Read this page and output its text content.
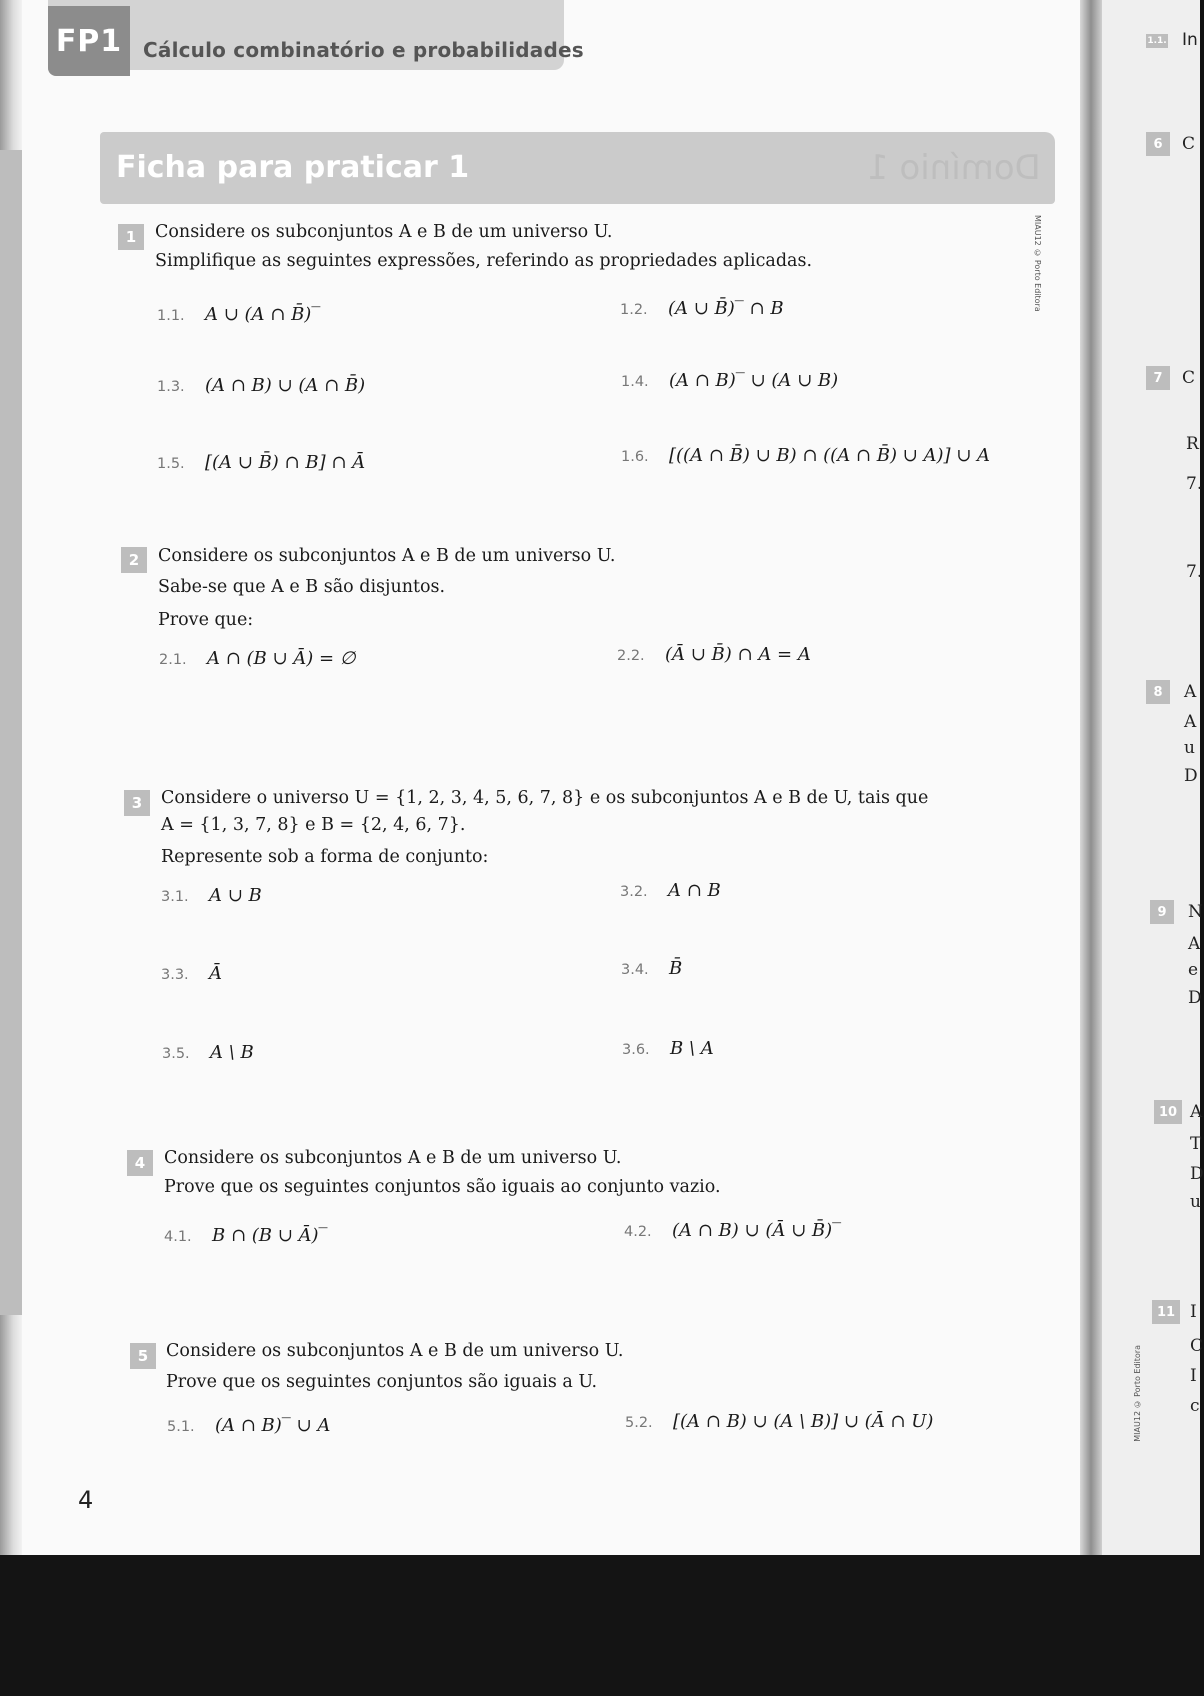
FP1	Cálculo combinatório e probabilidades
Ficha para praticar 1	Domínio 1
MIAU12 © Porto Editora
1	Considere os subconjuntos A e B de um universo U.
Simplifique as seguintes expressões, referindo as propriedades aplicadas.
1.1. A ∪ (A ∩ B̄)‾	1.2. (A ∪ B̄)‾ ∩ B
1.3. (A ∩ B) ∪ (A ∩ B̄)	1.4. (A ∩ B)‾ ∪ (A ∪ B)
1.5. [(A ∪ B̄) ∩ B] ∩ Ā	1.6. [((A ∩ B̄) ∪ B) ∩ ((A ∩ B̄) ∪ A)] ∪ A
2	Considere os subconjuntos A e B de um universo U.
Sabe-se que A e B são disjuntos.
Prove que:
2.1. A ∩ (B ∪ Ā) = ∅	2.2. (Ā ∪ B̄) ∩ A = A
3	Considere o universo U = {1, 2, 3, 4, 5, 6, 7, 8} e os subconjuntos A e B de U, tais que
A = {1, 3, 7, 8} e B = {2, 4, 6, 7}.
Represente sob a forma de conjunto:
3.1. A ∪ B	3.2. A ∩ B
3.3. Ā	3.4. B̄
3.5. A \ B	3.6. B \ A
4	Considere os subconjuntos A e B de um universo U.
Prove que os seguintes conjuntos são iguais ao conjunto vazio.
4.1. B ∩ (B ∪ Ā)‾	4.2. (A ∩ B) ∪ (Ā ∪ B̄)‾
5	Considere os subconjuntos A e B de um universo U.
Prove que os seguintes conjuntos são iguais a U.
5.1. (A ∩ B)‾ ∪ A	5.2. [(A ∩ B) ∪ (A \ B)] ∪ (Ā ∩ U)
4
1.1. In
6	C
7	C
R
7.
7.
8	A
A
u
D
9	N
A
e
D
10 A
T
D
u
11 I
C
I
c
MIAU12 © Porto Editora
